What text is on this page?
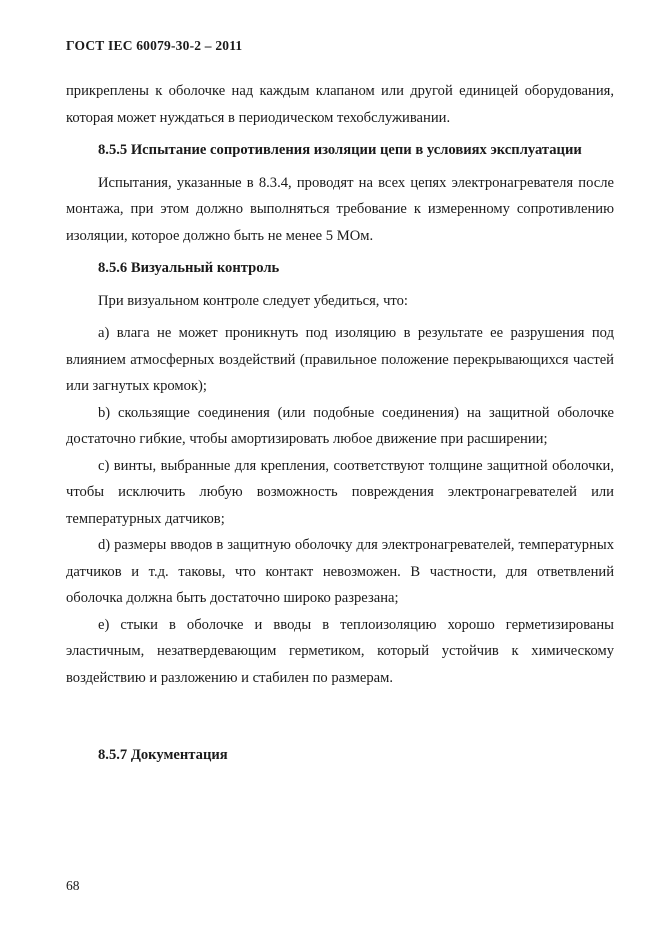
ГОСТ IEC 60079-30-2 – 2011

прикреплены к оболочке над каждым клапаном или другой единицей оборудования, которая может нуждаться в периодическом техобслуживании.

8.5.5 Испытание сопротивления изоляции цепи в условиях эксплуатации

Испытания, указанные в 8.3.4, проводят на всех цепях электронагревателя после монтажа, при этом должно выполняться требование к измеренному сопротивлению изоляции, которое должно быть не менее 5 МОм.

8.5.6 Визуальный контроль

При визуальном контроле следует убедиться, что:

а) влага не может проникнуть под изоляцию в результате ее разрушения под влиянием атмосферных воздействий (правильное положение перекрывающихся частей или загнутых кромок);

b) скользящие соединения (или подобные соединения) на защитной оболочке достаточно гибкие, чтобы амортизировать любое движение при расширении;

с) винты, выбранные для крепления, соответствуют толщине защитной оболочки, чтобы исключить любую возможность повреждения электронагревателей или температурных датчиков;

d) размеры вводов в защитную оболочку для электронагревателей, температурных датчиков и т.д. таковы, что контакт невозможен. В частности, для ответвлений оболочка должна быть достаточно широко разрезана;

е) стыки в оболочке и вводы в теплоизоляцию хорошо герметизированы эластичным, незатвердевающим герметиком, который устойчив к химическому воздействию и разложению и стабилен по размерам.

8.5.7 Документация

68
